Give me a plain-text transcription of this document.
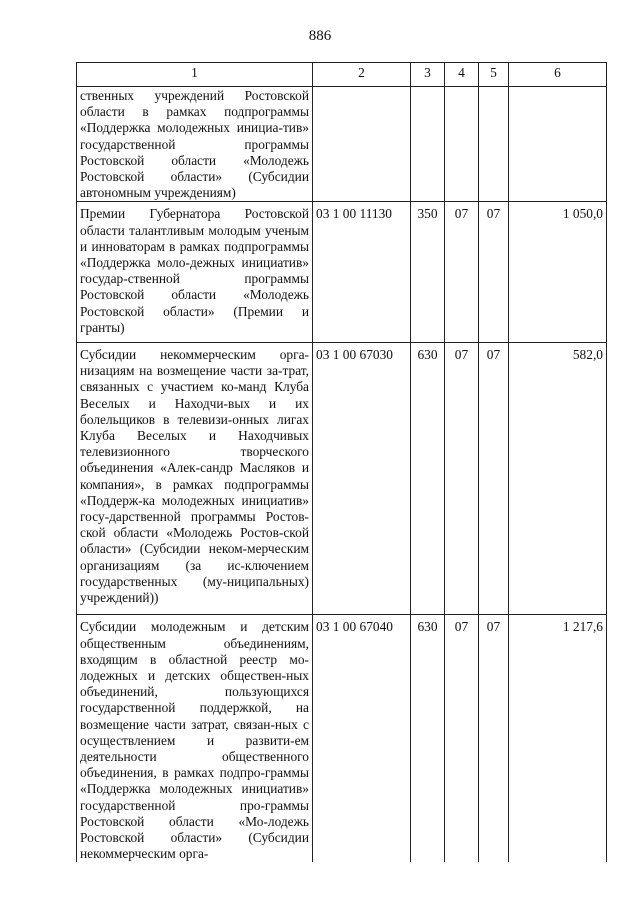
886
1	2	3	4	5	6
ственных учреждений Ростовской области в рамках подпрограммы «Поддержка молодежных инициа-тив» государственной программы Ростовской области «Молодежь Ростовской области» (Субсидии автономным учреждениям)					
Премии Губернатора Ростовской области талантливым молодым ученым и инноваторам в рамках подпрограммы «Поддержка моло-дежных инициатив» государ-ственной программы Ростовской области «Молодежь Ростовской области» (Премии и гранты)	03 1 00 11130	350	07	07	1 050,0
Субсидии некоммерческим орга-низациям на возмещение части за-трат, связанных с участием ко-манд Клуба Веселых и Находчи-вых и их болельщиков в телевизи-онных лигах Клуба Веселых и Находчивых телевизионного творческого объединения «Алек-сандр Масляков и компания», в рамках подпрограммы «Поддерж-ка молодежных инициатив» госу-дарственной программы Ростов-ской области «Молодежь Ростов-ской области» (Субсидии неком-мерческим организациям (за ис-ключением государственных (му-ниципальных) учреждений))	03 1 00 67030	630	07	07	582,0
Субсидии молодежным и детским общественным объединениям, входящим в областной реестр мо-лодежных и детских обществен-ных объединений, пользующихся государственной поддержкой, на возмещение части затрат, связан-ных с осуществлением и развити-ем деятельности общественного объединения, в рамках подпро-граммы «Поддержка молодежных инициатив» государственной про-граммы Ростовской области «Мо-лодежь Ростовской области» (Субсидии некоммерческим орга-	03 1 00 67040	630	07	07	1 217,6
